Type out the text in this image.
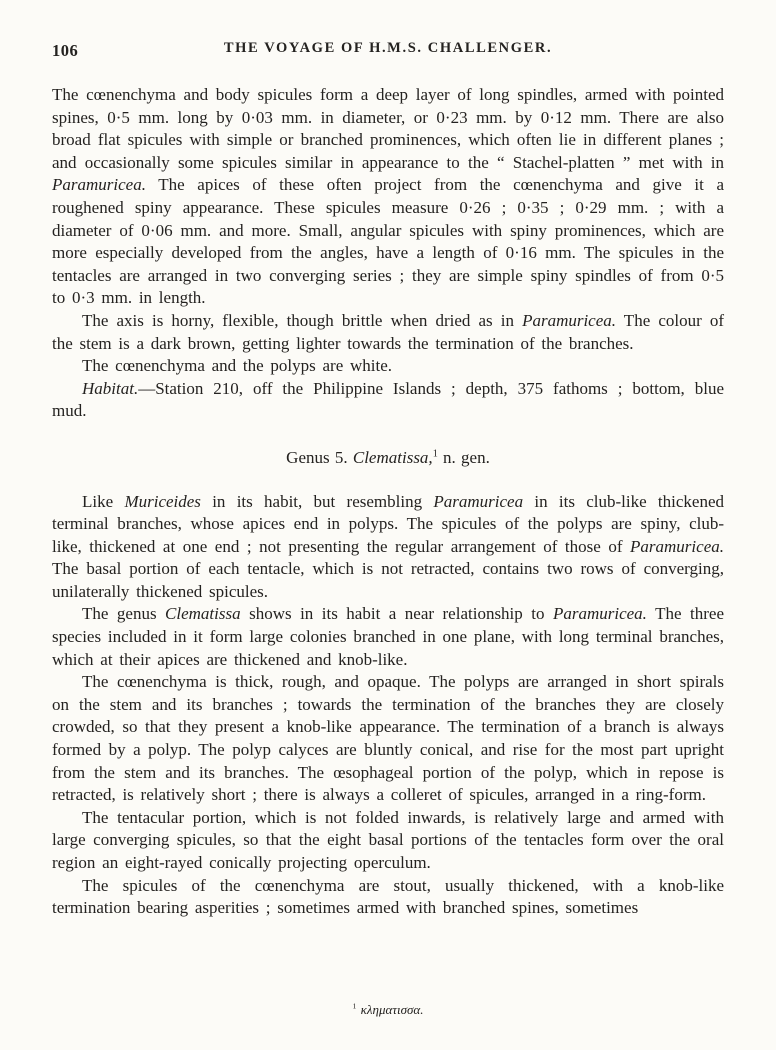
106	THE VOYAGE OF H.M.S. CHALLENGER.

The cœnenchyma and body spicules form a deep layer of long spindles, armed with pointed spines, 0·5 mm. long by 0·03 mm. in diameter, or 0·23 mm. by 0·12 mm. There are also broad flat spicules with simple or branched prominences, which often lie in different planes ; and occasionally some spicules similar in appearance to the “ Stachel-platten ” met with in Paramuricea. The apices of these often project from the cœnenchyma and give it a roughened spiny appearance. These spicules measure 0·26 ; 0·35 ; 0·29 mm. ; with a diameter of 0·06 mm. and more. Small, angular spicules with spiny prominences, which are more especially developed from the angles, have a length of 0·16 mm. The spicules in the tentacles are arranged in two converging series ; they are simple spiny spindles of from 0·5 to 0·3 mm. in length.

The axis is horny, flexible, though brittle when dried as in Paramuricea. The colour of the stem is a dark brown, getting lighter towards the termination of the branches.

The cœnenchyma and the polyps are white.

Habitat.—Station 210, off the Philippine Islands ; depth, 375 fathoms ; bottom, blue mud.

Genus 5. Clematissa,$^1$ n. gen.

Like Muriceides in its habit, but resembling Paramuricea in its club-like thickened terminal branches, whose apices end in polyps. The spicules of the polyps are spiny, club-like, thickened at one end ; not presenting the regular arrangement of those of Paramuricea. The basal portion of each tentacle, which is not retracted, contains two rows of converging, unilaterally thickened spicules.

The genus Clematissa shows in its habit a near relationship to Paramuricea. The three species included in it form large colonies branched in one plane, with long terminal branches, which at their apices are thickened and knob-like.

The cœnenchyma is thick, rough, and opaque. The polyps are arranged in short spirals on the stem and its branches ; towards the termination of the branches they are closely crowded, so that they present a knob-like appearance. The termination of a branch is always formed by a polyp. The polyp calyces are bluntly conical, and rise for the most part upright from the stem and its branches. The œsophageal portion of the polyp, which in repose is retracted, is relatively short ; there is always a colleret of spicules, arranged in a ring-form.

The tentacular portion, which is not folded inwards, is relatively large and armed with large converging spicules, so that the eight basal portions of the tentacles form over the oral region an eight-rayed conically projecting operculum.

The spicules of the cœnenchyma are stout, usually thickened, with a knob-like termination bearing asperities ; sometimes armed with branched spines, sometimes

$^1$ κληματισσα.
